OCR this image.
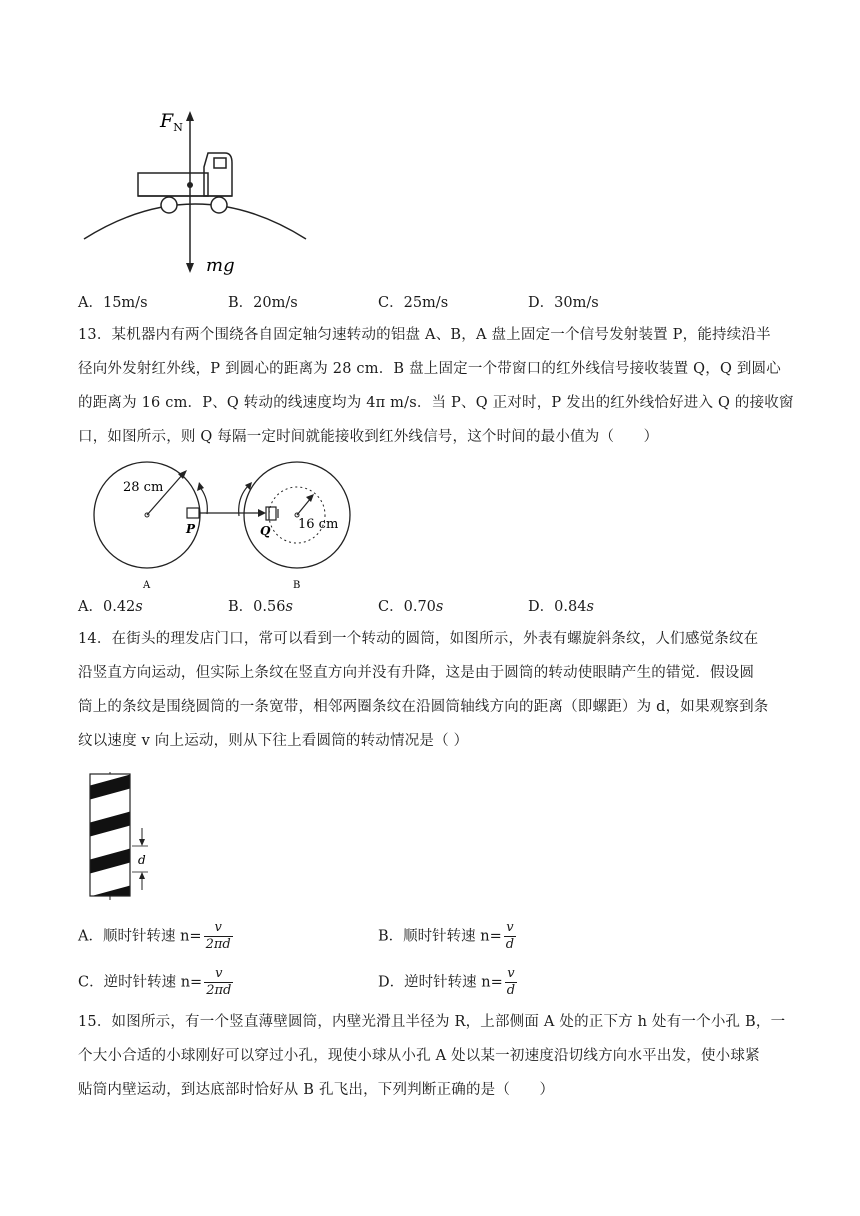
$F_N$
mg
A．15m/s	B．20m/s	C．25m/s	D．30m/s
13．某机器内有两个围绕各自固定轴匀速转动的铝盘 A、B，A 盘上固定一个信号发射装置 P，能持续沿半
径向外发射红外线，P 到圆心的距离为 28 cm．B 盘上固定一个带窗口的红外线信号接收装置 Q，Q 到圆心
的距离为 16 cm．P、Q 转动的线速度均为 4π m/s．当 P、Q 正对时，P 发出的红外线恰好进入 Q 的接收窗
口，如图所示，则 Q 每隔一定时间就能接收到红外线信号，这个时间的最小值为（　　）
28 cm
16 cm
P	Q
A	B
A．0.42s	B．0.56s	C．0.70s	D．0.84s
14．在街头的理发店门口，常可以看到一个转动的圆筒，如图所示，外表有螺旋斜条纹，人们感觉条纹在
沿竖直方向运动，但实际上条纹在竖直方向并没有升降，这是由于圆筒的转动使眼睛产生的错觉．假设圆
筒上的条纹是围绕圆筒的一条宽带，相邻两圈条纹在沿圆筒轴线方向的距离（即螺距）为 d，如果观察到条
纹以速度 v 向上运动，则从下往上看圆筒的转动情况是（ ）
d
A．顺时针转速 $n= \frac{v}{2\pi d}$	B．顺时针转速 $n= \frac{v}{d}$
C．逆时针转速 $n= \frac{v}{2\pi d}$	D．逆时针转速 $n= \frac{v}{d}$
15．如图所示，有一个竖直薄壁圆筒，内壁光滑且半径为 R，上部侧面 A 处的正下方 h 处有一个小孔 B，一
个大小合适的小球刚好可以穿过小孔，现使小球从小孔 A 处以某一初速度沿切线方向水平出发，使小球紧
贴筒内壁运动，到达底部时恰好从 B 孔飞出，下列判断正确的是（　　）
